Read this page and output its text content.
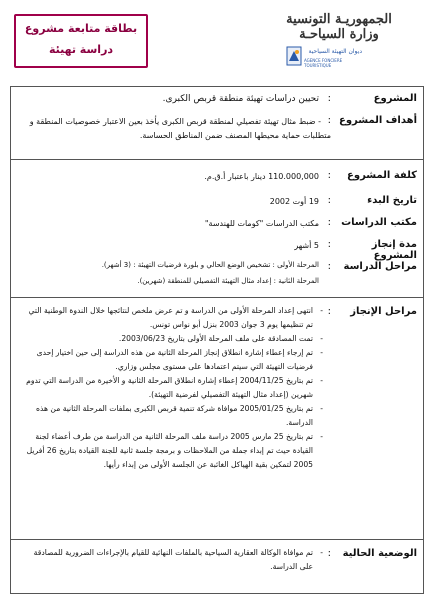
بطاقة متابعة مشروع
دراسة تهيئة
الجمهوريـة التونسية
وزارة السياحـة
ديوان التهيئة السياحية
AGENCE FONCIERE TOURISTIQUE
المشروع
:
تحيين دراسات تهيئة منطقة قربص الكبرى.
أهداف المشروع
:
- ضبط مثال تهيئة تفصيلي لمنطقة قربص الكبرى يأخذ بعين الاعتبار خصوصيات المنطقة و متطلبات حماية محيطها المصنف ضمن المناطق الحساسة.
كلفة المشروع
:
110.000,000 دينار باعتبار أ.ق.م.
تاريخ البدء
:
19 أوت 2002
مكتب الدراسات
:
مكتب الدراسات "كومات للهندسة"
مدة إنجاز المشروع
:
5 أشهر
مراحل الدراسة
:
المرحلة الأولى : تشخيص الوضع الحالي و بلورة فرضيات التهيئة : (3 أشهر).
المرحلة الثانية : إعداد مثال التهيئة التفصيلي للمنطقة (شهرين).
مراحل الإنجاز
:
- انتهى إعداد المرحلة الأولى من الدراسة و تم عرض ملخص لنتائجها خلال الندوة الوطنية التي تم تنظيمها يوم 3 جوان 2003 بنزل أبو نواس تونس.
- تمت المصادقة على ملف المرحلة الأولى بتاريخ 2003/06/23.
- تم إرجاء إعطاء إشارة انطلاق إنجاز المرحلة الثانية من هذه الدراسة إلى حين اختيار إحدى فرضيات التهيئة التي سيتم اعتمادها على مستوى مجلس وزاري.
- تم بتاريخ 2004/11/25 إعطاء إشارة انطلاق المرحلة الثانية و الأخيرة من الدراسة التي تدوم شهرين (إعداد مثال التهيئة التفصيلي لفرضية التهيئة).
- تم بتاريخ 2005/01/25 موافاة شركة تنمية قربص الكبرى بملفات المرحلة الثانية من هذه الدراسة.
- تم بتاريخ 25 مارس 2005 دراسة ملف المرحلة الثانية من الدراسة من طرف أعضاء لجنة القيادة حيث تم إبداء جملة من الملاحظات و برمجة جلسة ثانية للجنة القيادة بتاريخ 26 أفريل 2005 لتمكين بقية الهياكل الغائبة عن الجلسة الأولى من إبداء رأيها.
الوضعية الحالية
:
- تم موافاة الوكالة العقارية السياحية بالملفات النهائية للقيام بالإجراءات الضرورية للمصادقة على الدراسة.
